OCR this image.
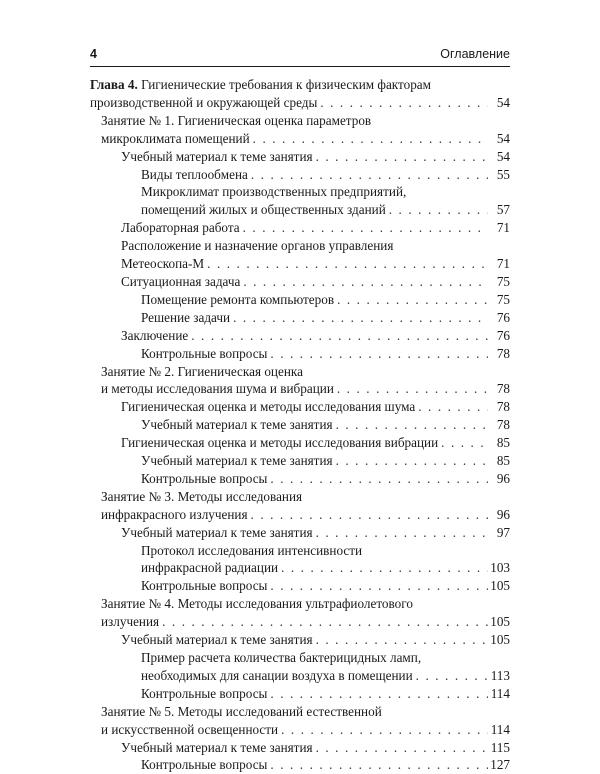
4	Оглавление
Глава 4. Гигиенические требования к физическим факторам
производственной и окружающей среды . . .	54
Занятие № 1. Гигиеническая оценка параметров
микроклимата помещений . . .	54
Учебный материал к теме занятия . . .	54
Виды теплообмена . . .	55
Микроклимат производственных предприятий,
помещений жилых и общественных зданий . . .	57
Лабораторная работа . . .	71
Расположение и назначение органов управления
Метеоскопа-М . . .	71
Ситуационная задача . . .	75
Помещение ремонта компьютеров . . .	75
Решение задачи . . .	76
Заключение . . .	76
Контрольные вопросы . . .	78
Занятие № 2. Гигиеническая оценка
и методы исследования шума и вибрации . . .	78
Гигиеническая оценка и методы исследования шума . . .	78
Учебный материал к теме занятия . . .	78
Гигиеническая оценка и методы исследования вибрации . . .	85
Учебный материал к теме занятия . . .	85
Контрольные вопросы . . .	96
Занятие № 3. Методы исследования
инфракрасного излучения . . .	96
Учебный материал к теме занятия . . .	97
Протокол исследования интенсивности
инфракрасной радиации . . .	103
Контрольные вопросы . . .	105
Занятие № 4. Методы исследования ультрафиолетового
излучения . . .	105
Учебный материал к теме занятия . . .	105
Пример расчета количества бактерицидных ламп,
необходимых для санации воздуха в помещении . . .	113
Контрольные вопросы . . .	114
Занятие № 5. Методы исследований естественной
и искусственной освещенности . . .	114
Учебный материал к теме занятия . . .	115
Контрольные вопросы . . .	127
